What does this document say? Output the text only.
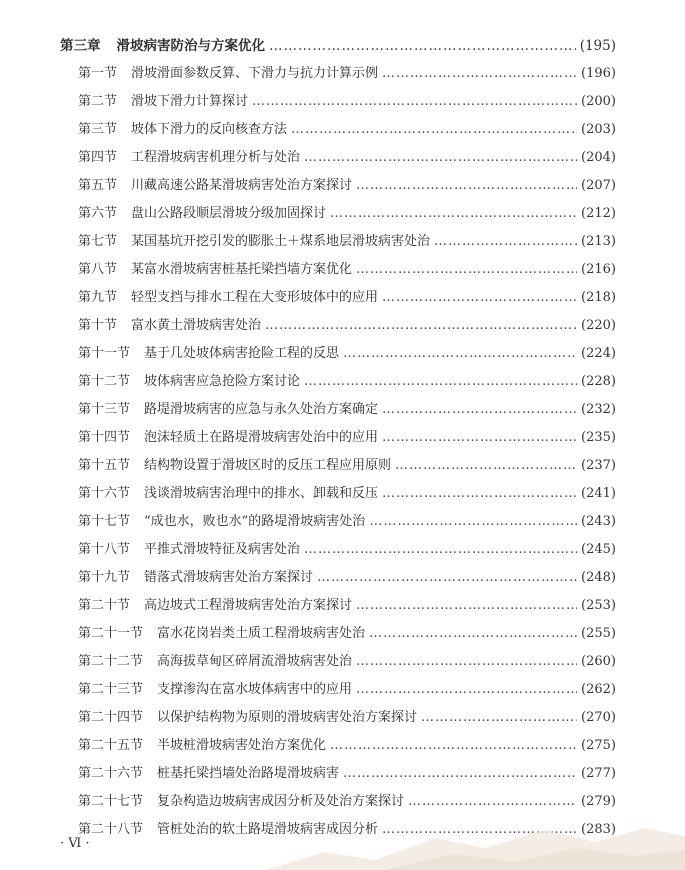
第三章 滑坡病害防治与方案优化 …………………………………………………………………………………………………………………………………………………………	(195)
第一节 滑坡滑面参数反算、下滑力与抗力计算示例 …………………………………………………………………………………………………………………………………………………………	(196)
第二节 滑坡下滑力计算探讨 …………………………………………………………………………………………………………………………………………………………	(200)
第三节 坡体下滑力的反向核查方法 …………………………………………………………………………………………………………………………………………………………	(203)
第四节 工程滑坡病害机理分析与处治 …………………………………………………………………………………………………………………………………………………………	(204)
第五节 川藏高速公路某滑坡病害处治方案探讨 …………………………………………………………………………………………………………………………………………………………	(207)
第六节 盘山公路段顺层滑坡分级加固探讨 …………………………………………………………………………………………………………………………………………………………	(212)
第七节 某国基坑开挖引发的膨胀土＋煤系地层滑坡病害处治 …………………………………………………………………………………………………………………………………………………………	(213)
第八节 某富水滑坡病害桩基托梁挡墙方案优化 …………………………………………………………………………………………………………………………………………………………	(216)
第九节 轻型支挡与排水工程在大变形坡体中的应用 …………………………………………………………………………………………………………………………………………………………	(218)
第十节 富水黄土滑坡病害处治 …………………………………………………………………………………………………………………………………………………………	(220)
第十一节 基于几处坡体病害抢险工程的反思 …………………………………………………………………………………………………………………………………………………………	(224)
第十二节 坡体病害应急抢险方案讨论 …………………………………………………………………………………………………………………………………………………………	(228)
第十三节 路堤滑坡病害的应急与永久处治方案确定 …………………………………………………………………………………………………………………………………………………………	(232)
第十四节 泡沫轻质土在路堤滑坡病害处治中的应用 …………………………………………………………………………………………………………………………………………………………	(235)
第十五节 结构物设置于滑坡区时的反压工程应用原则 …………………………………………………………………………………………………………………………………………………………	(237)
第十六节 浅谈滑坡病害治理中的排水、卸载和反压 …………………………………………………………………………………………………………………………………………………………	(241)
第十七节 “成也水，败也水”的路堤滑坡病害处治 …………………………………………………………………………………………………………………………………………………………	(243)
第十八节 平推式滑坡特征及病害处治 …………………………………………………………………………………………………………………………………………………………	(245)
第十九节 错落式滑坡病害处治方案探讨 …………………………………………………………………………………………………………………………………………………………	(248)
第二十节 高边坡式工程滑坡病害处治方案探讨 …………………………………………………………………………………………………………………………………………………………	(253)
第二十一节 富水花岗岩类土质工程滑坡病害处治 …………………………………………………………………………………………………………………………………………………………	(255)
第二十二节 高海拔草甸区碎屑流滑坡病害处治 …………………………………………………………………………………………………………………………………………………………	(260)
第二十三节 支撑渗沟在富水坡体病害中的应用 …………………………………………………………………………………………………………………………………………………………	(262)
第二十四节 以保护结构物为原则的滑坡病害处治方案探讨 …………………………………………………………………………………………………………………………………………………………	(270)
第二十五节 半坡桩滑坡病害处治方案优化 …………………………………………………………………………………………………………………………………………………………	(275)
第二十六节 桩基托梁挡墙处治路堤滑坡病害 …………………………………………………………………………………………………………………………………………………………	(277)
第二十七节 复杂构造边坡病害成因分析及处治方案探讨 …………………………………………………………………………………………………………………………………………………………	(279)
第二十八节 管桩处治的软土路堤滑坡病害成因分析 …………………………………………………………………………………………………………………………………………………………	(283)
· Ⅵ ·
